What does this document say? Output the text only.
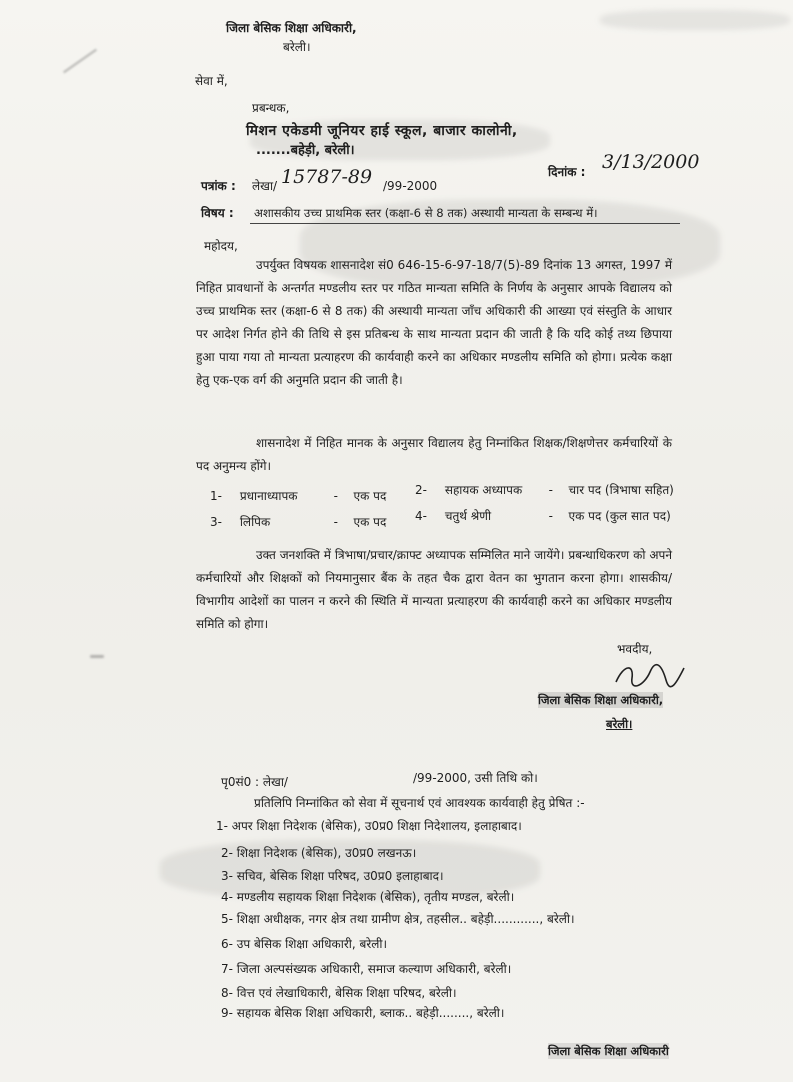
जिला बेसिक शिक्षा अधिकारी,
बरेली।
सेवा में,
प्रबन्धक,
मिशन एकेडमी जूनियर हाई स्कूल, बाजार कालोनी,
.......बहेड़ी, बरेली।
पत्रांक : लेखा/ 15787-89 /99-2000
दिनांक : 3/13/2000
विषय : अशासकीय उच्च प्राथमिक स्तर (कक्षा-6 से 8 तक) अस्थायी मान्यता के सम्बन्ध में।
महोदय,
उपर्युक्त विषयक शासनादेश सं0 646-15-6-97-18/7(5)-89 दिनांक 13 अगस्त, 1997 में निहित प्रावधानों के अन्तर्गत मण्डलीय स्तर पर गठित मान्यता समिति के निर्णय के अनुसार आपके विद्यालय को उच्च प्राथमिक स्तर (कक्षा-6 से 8 तक) की अस्थायी मान्यता जाँच अधिकारी की आख्या एवं संस्तुति के आधार पर आदेश निर्गत होने की तिथि से इस प्रतिबन्ध के साथ मान्यता प्रदान की जाती है कि यदि कोई तथ्य छिपाया हुआ पाया गया तो मान्यता प्रत्याहरण की कार्यवाही करने का अधिकार मण्डलीय समिति को होगा। प्रत्येक कक्षा हेतु एक-एक वर्ग की अनुमति प्रदान की जाती है।
शासनादेश में निहित मानक के अनुसार विद्यालय हेतु निम्नांकित शिक्षक/शिक्षणेत्तर कर्मचारियों के पद अनुमन्य होंगे।
1- प्रधानाध्यापक	- एक पद	2- सहायक अध्यापक - चार पद (त्रिभाषा सहित)
3- लिपिक	- एक पद	4- चतुर्थ श्रेणी	- एक पद (कुल सात पद)
उक्त जनशक्ति में त्रिभाषा/प्रचार/क्राफ्ट अध्यापक सम्मिलित माने जायेंगे। प्रबन्धाधिकरण को अपने कर्मचारियों और शिक्षकों को नियमानुसार बैंक के तहत चैक द्वारा वेतन का भुगतान करना होगा। शासकीय/विभागीय आदेशों का पालन न करने की स्थिति में मान्यता प्रत्याहरण की कार्यवाही करने का अधिकार मण्डलीय समिति को होगा।
भवदीय,
जिला बेसिक शिक्षा अधिकारी,
बरेली।
पृ0सं0 : लेखा/	/99-2000, उसी तिथि को।
प्रतिलिपि निम्नांकित को सेवा में सूचनार्थ एवं आवश्यक कार्यवाही हेतु प्रेषित :-
1- अपर शिक्षा निदेशक (बेसिक), उ0प्र0 शिक्षा निदेशालय, इलाहाबाद।
2- शिक्षा निदेशक (बेसिक), उ0प्र0 लखनऊ।
3- सचिव, बेसिक शिक्षा परिषद, उ0प्र0 इलाहाबाद।
4- मण्डलीय सहायक शिक्षा निदेशक (बेसिक), तृतीय मण्डल, बरेली।
5- शिक्षा अधीक्षक, नगर क्षेत्र तथा ग्रामीण क्षेत्र, तहसील.. बहेड़ी............, बरेली।
6- उप बेसिक शिक्षा अधिकारी, बरेली।
7- जिला अल्पसंख्यक अधिकारी, समाज कल्याण अधिकारी, बरेली।
8- वित्त एवं लेखाधिकारी, बेसिक शिक्षा परिषद, बरेली।
9- सहायक बेसिक शिक्षा अधिकारी, ब्लाक.. बहेड़ी........, बरेली।
जिला बेसिक शिक्षा अधिकारी
